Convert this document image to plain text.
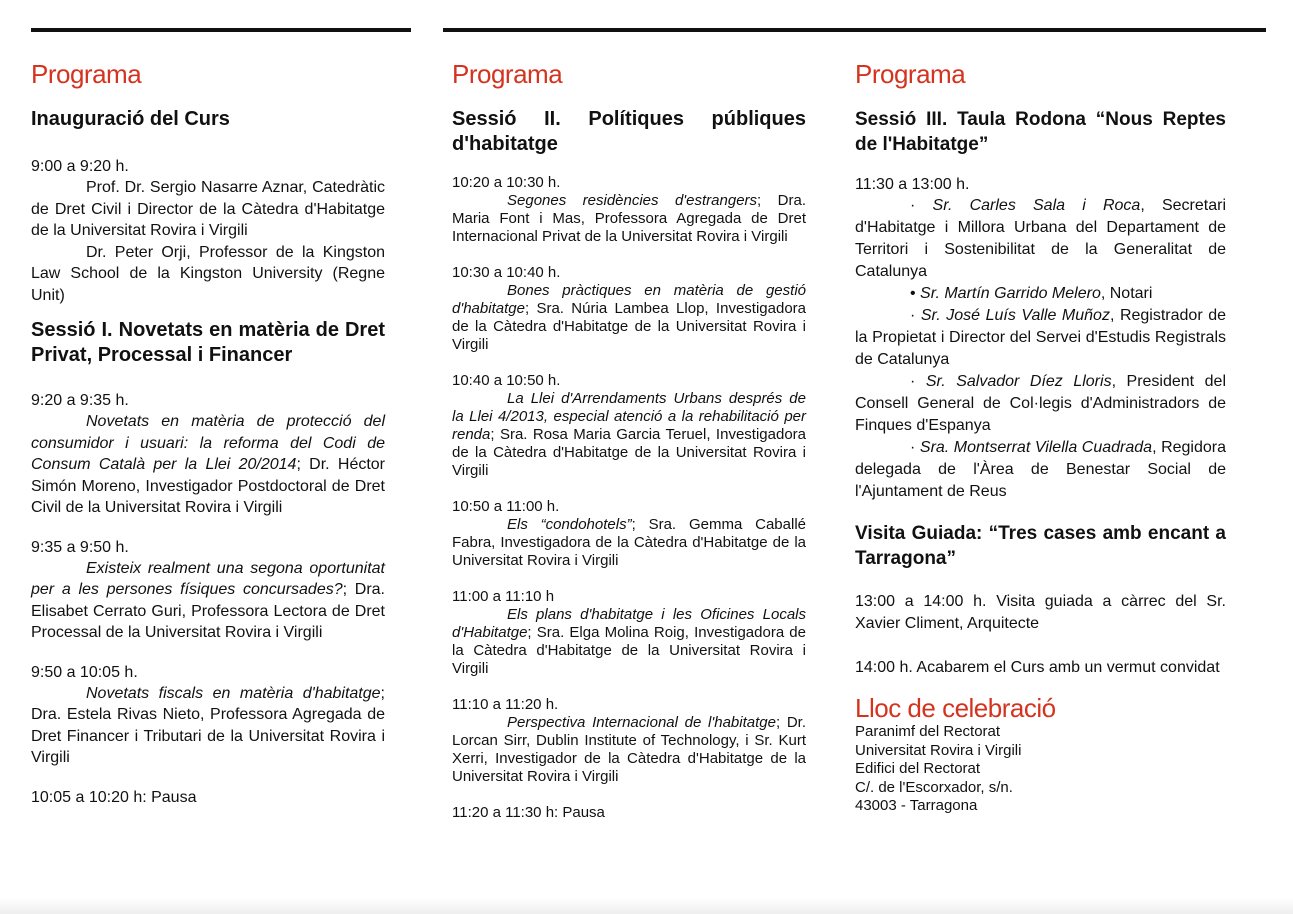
Programa
Inauguració del Curs
9:00 a 9:20 h.
Prof. Dr. Sergio Nasarre Aznar, Catedràtic de Dret Civil i Director de la Càtedra d'Habitatge de la Universitat Rovira i Virgili
Dr. Peter Orji, Professor de la Kingston Law School de la Kingston University (Regne Unit)
Sessió I. Novetats en matèria de Dret Privat, Processal i Financer
9:20 a 9:35 h.
Novetats en matèria de protecció del consumidor i usuari: la reforma del Codi de Consum Català per la Llei 20/2014; Dr. Héctor Simón Moreno, Investigador Postdoctoral de Dret Civil de la Universitat Rovira i Virgili
9:35 a 9:50 h.
Existeix realment una segona oportunitat per a les persones físiques concursades?; Dra. Elisabet Cerrato Guri, Professora Lectora de Dret Processal de la Universitat Rovira i Virgili
9:50 a 10:05 h.
Novetats fiscals en matèria d'habitatge; Dra. Estela Rivas Nieto, Professora Agregada de Dret Financer i Tributari de la Universitat Rovira i Virgili
10:05 a 10:20 h: Pausa
Programa
Sessió II. Polítiques públiques d'habitatge
10:20 a 10:30 h.
Segones residències d'estrangers; Dra. Maria Font i Mas, Professora Agregada de Dret Internacional Privat de la Universitat Rovira i Virgili
10:30 a 10:40 h.
Bones pràctiques en matèria de gestió d'habitatge; Sra. Núria Lambea Llop, Investigadora de la Càtedra d'Habitatge de la Universitat Rovira i Virgili
10:40 a 10:50 h.
La Llei d'Arrendaments Urbans després de la Llei 4/2013, especial atenció a la rehabilitació per renda; Sra. Rosa Maria Garcia Teruel, Investigadora de la Càtedra d'Habitatge de la Universitat Rovira i Virgili
10:50 a 11:00 h.
Els “condohotels”; Sra. Gemma Caballé Fabra, Investigadora de la Càtedra d'Habitatge de la Universitat Rovira i Virgili
11:00 a 11:10 h
Els plans d'habitatge i les Oficines Locals d'Habitatge; Sra. Elga Molina Roig, Investigadora de la Càtedra d'Habitatge de la Universitat Rovira i Virgili
11:10 a 11:20 h.
Perspectiva Internacional de l'habitatge; Dr. Lorcan Sirr, Dublin Institute of Technology, i Sr. Kurt Xerri, Investigador de la Càtedra d'Habitatge de la Universitat Rovira i Virgili
11:20 a 11:30 h: Pausa
Programa
Sessió III. Taula Rodona “Nous Reptes de l'Habitatge”
11:30 a 13:00 h.
· Sr. Carles Sala i Roca, Secretari d'Habitatge i Millora Urbana del Departament de Territori i Sostenibilitat de la Generalitat de Catalunya
• Sr. Martín Garrido Melero, Notari
· Sr. José Luís Valle Muñoz, Registrador de la Propietat i Director del Servei d'Estudis Registrals de Catalunya
· Sr. Salvador Díez Lloris, President del Consell General de Col·legis d'Administradors de Finques d'Espanya
· Sra. Montserrat Vilella Cuadrada, Regidora delegada de l'Àrea de Benestar Social de l'Ajuntament de Reus
Visita Guiada: “Tres cases amb encant a Tarragona”
13:00 a 14:00 h. Visita guiada a càrrec del Sr. Xavier Climent, Arquitecte
14:00 h. Acabarem el Curs amb un vermut convidat
Lloc de celebració
Paranimf del Rectorat
Universitat Rovira i Virgili
Edifici del Rectorat
C/. de l'Escorxador, s/n.
43003 - Tarragona
